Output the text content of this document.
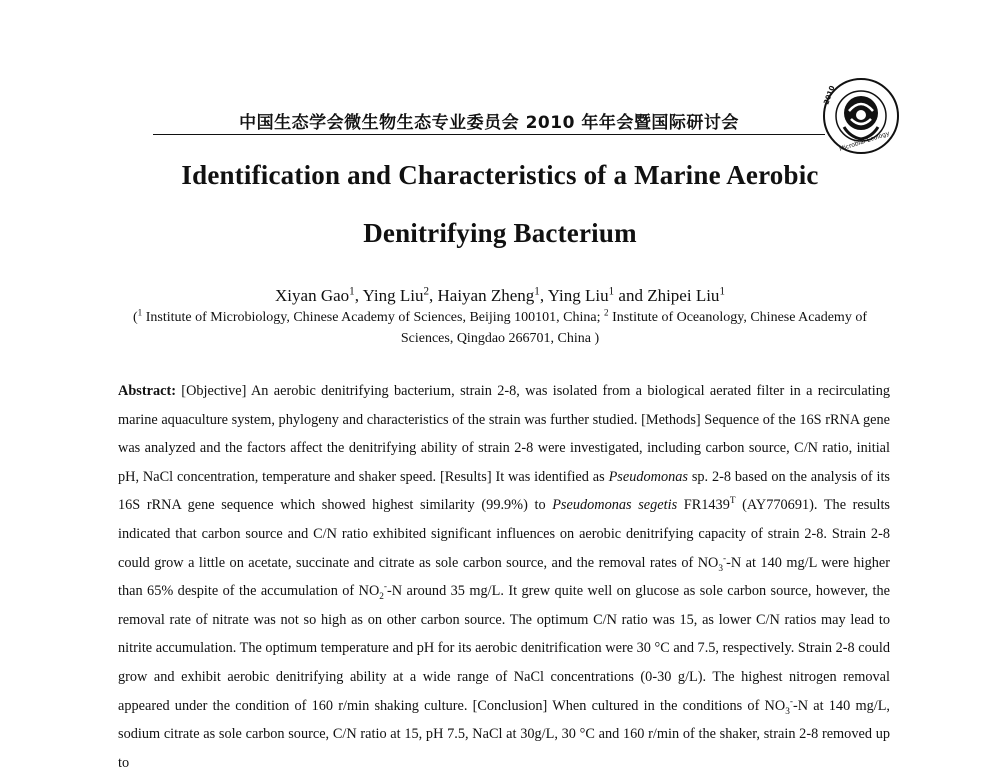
中国生态学会微生物生态专业委员会 2010 年年会暨国际研讨会
2010
Microbial Ecology
Identification and Characteristics of a Marine Aerobic
Denitrifying Bacterium
Xiyan Gao$^1$, Ying Liu$^2$, Haiyan Zheng$^1$, Ying Liu$^1$ and Zhipei Liu$^1$
($^1$ Institute of Microbiology, Chinese Academy of Sciences, Beijing 100101, China; $^2$ Institute of Oceanology, Chinese Academy of Sciences, Qingdao 266701, China )
Abstract: [Objective] An aerobic denitrifying bacterium, strain 2-8, was isolated from a biological aerated filter in a recirculating marine aquaculture system, phylogeny and characteristics of the strain was further studied. [Methods] Sequence of the 16S rRNA gene was analyzed and the factors affect the denitrifying ability of strain 2-8 were investigated, including carbon source, C/N ratio, initial pH, NaCl concentration, temperature and shaker speed. [Results] It was identified as Pseudomonas sp. 2-8 based on the analysis of its 16S rRNA gene sequence which showed highest similarity (99.9%) to Pseudomonas segetis $FR1439^T$ (AY770691). The results indicated that carbon source and C/N ratio exhibited significant influences on aerobic denitrifying capacity of strain 2-8. Strain 2-8 could grow a little on acetate, succinate and citrate as sole carbon source, and the removal rates of $NO_3^--N$ at 140 mg/L were higher than 65% despite of the accumulation of $NO_2^--N$ around 35 mg/L. It grew quite well on glucose as sole carbon source, however, the removal rate of nitrate was not so high as on other carbon source. The optimum C/N ratio was 15, as lower C/N ratios may lead to nitrite accumulation. The optimum temperature and pH for its aerobic denitrification were 30 °C and 7.5, respectively. Strain 2-8 could grow and exhibit aerobic denitrifying ability at a wide range of NaCl concentrations (0-30 g/L). The highest nitrogen removal appeared under the condition of 160 r/min shaking culture. [Conclusion] When cultured in the conditions of $NO_3^--N$ at 140 mg/L, sodium citrate as sole carbon source, C/N ratio at 15, pH 7.5, NaCl at 30g/L, 30 °C and 160 r/min of the shaker, strain 2-8 removed up to
